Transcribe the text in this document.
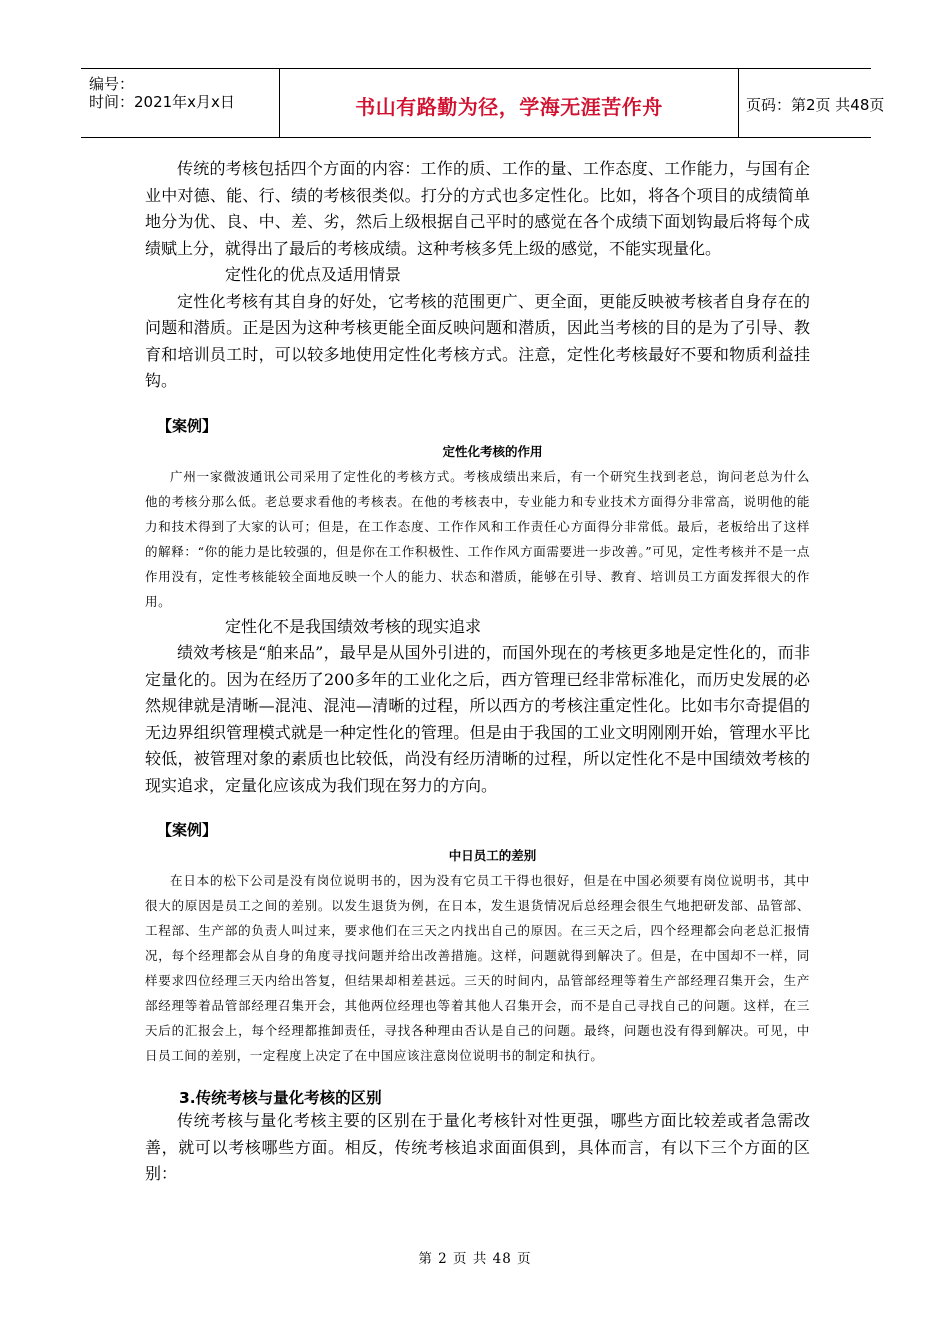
编号：
时间：2021年x月x日	书山有路勤为径，学海无涯苦作舟	页码：第2页 共48页

传统的考核包括四个方面的内容：工作的质、工作的量、工作态度、工作能力，与国有企业中对德、能、行、绩的考核很类似。打分的方式也多定性化。比如，将各个项目的成绩简单地分为优、良、中、差、劣，然后上级根据自己平时的感觉在各个成绩下面划钩最后将每个成绩赋上分，就得出了最后的考核成绩。这种考核多凭上级的感觉，不能实现量化。

定性化的优点及适用情景

定性化考核有其自身的好处，它考核的范围更广、更全面，更能反映被考核者自身存在的问题和潜质。正是因为这种考核更能全面反映问题和潜质，因此当考核的目的是为了引导、教育和培训员工时，可以较多地使用定性化考核方式。注意，定性化考核最好不要和物质利益挂钩。

【案例】

定性化考核的作用

广州一家微波通讯公司采用了定性化的考核方式。考核成绩出来后，有一个研究生找到老总，询问老总为什么他的考核分那么低。老总要求看他的考核表。在他的考核表中，专业能力和专业技术方面得分非常高，说明他的能力和技术得到了大家的认可；但是，在工作态度、工作作风和工作责任心方面得分非常低。最后，老板给出了这样的解释：“你的能力是比较强的，但是你在工作积极性、工作作风方面需要进一步改善。”可见，定性考核并不是一点作用没有，定性考核能较全面地反映一个人的能力、状态和潜质，能够在引导、教育、培训员工方面发挥很大的作用。

定性化不是我国绩效考核的现实追求

绩效考核是“舶来品”，最早是从国外引进的，而国外现在的考核更多地是定性化的，而非定量化的。因为在经历了200多年的工业化之后，西方管理已经非常标准化，而历史发展的必然规律就是清晰—混沌、混沌—清晰的过程，所以西方的考核注重定性化。比如韦尔奇提倡的无边界组织管理模式就是一种定性化的管理。但是由于我国的工业文明刚刚开始，管理水平比较低，被管理对象的素质也比较低，尚没有经历清晰的过程，所以定性化不是中国绩效考核的现实追求，定量化应该成为我们现在努力的方向。

【案例】

中日员工的差别

在日本的松下公司是没有岗位说明书的，因为没有它员工干得也很好，但是在中国必须要有岗位说明书，其中很大的原因是员工之间的差别。以发生退货为例，在日本，发生退货情况后总经理会很生气地把研发部、品管部、工程部、生产部的负责人叫过来，要求他们在三天之内找出自己的原因。在三天之后，四个经理都会向老总汇报情况，每个经理都会从自身的角度寻找问题并给出改善措施。这样，问题就得到解决了。但是，在中国却不一样，同样要求四位经理三天内给出答复，但结果却相差甚远。三天的时间内，品管部经理等着生产部经理召集开会，生产部经理等着品管部经理召集开会，其他两位经理也等着其他人召集开会，而不是自己寻找自己的问题。这样，在三天后的汇报会上，每个经理都推卸责任，寻找各种理由否认是自己的问题。最终，问题也没有得到解决。可见，中日员工间的差别，一定程度上决定了在中国应该注意岗位说明书的制定和执行。

3.传统考核与量化考核的区别

传统考核与量化考核主要的区别在于量化考核针对性更强，哪些方面比较差或者急需改善，就可以考核哪些方面。相反，传统考核追求面面俱到，具体而言，有以下三个方面的区别：

第 2 页 共 48 页
